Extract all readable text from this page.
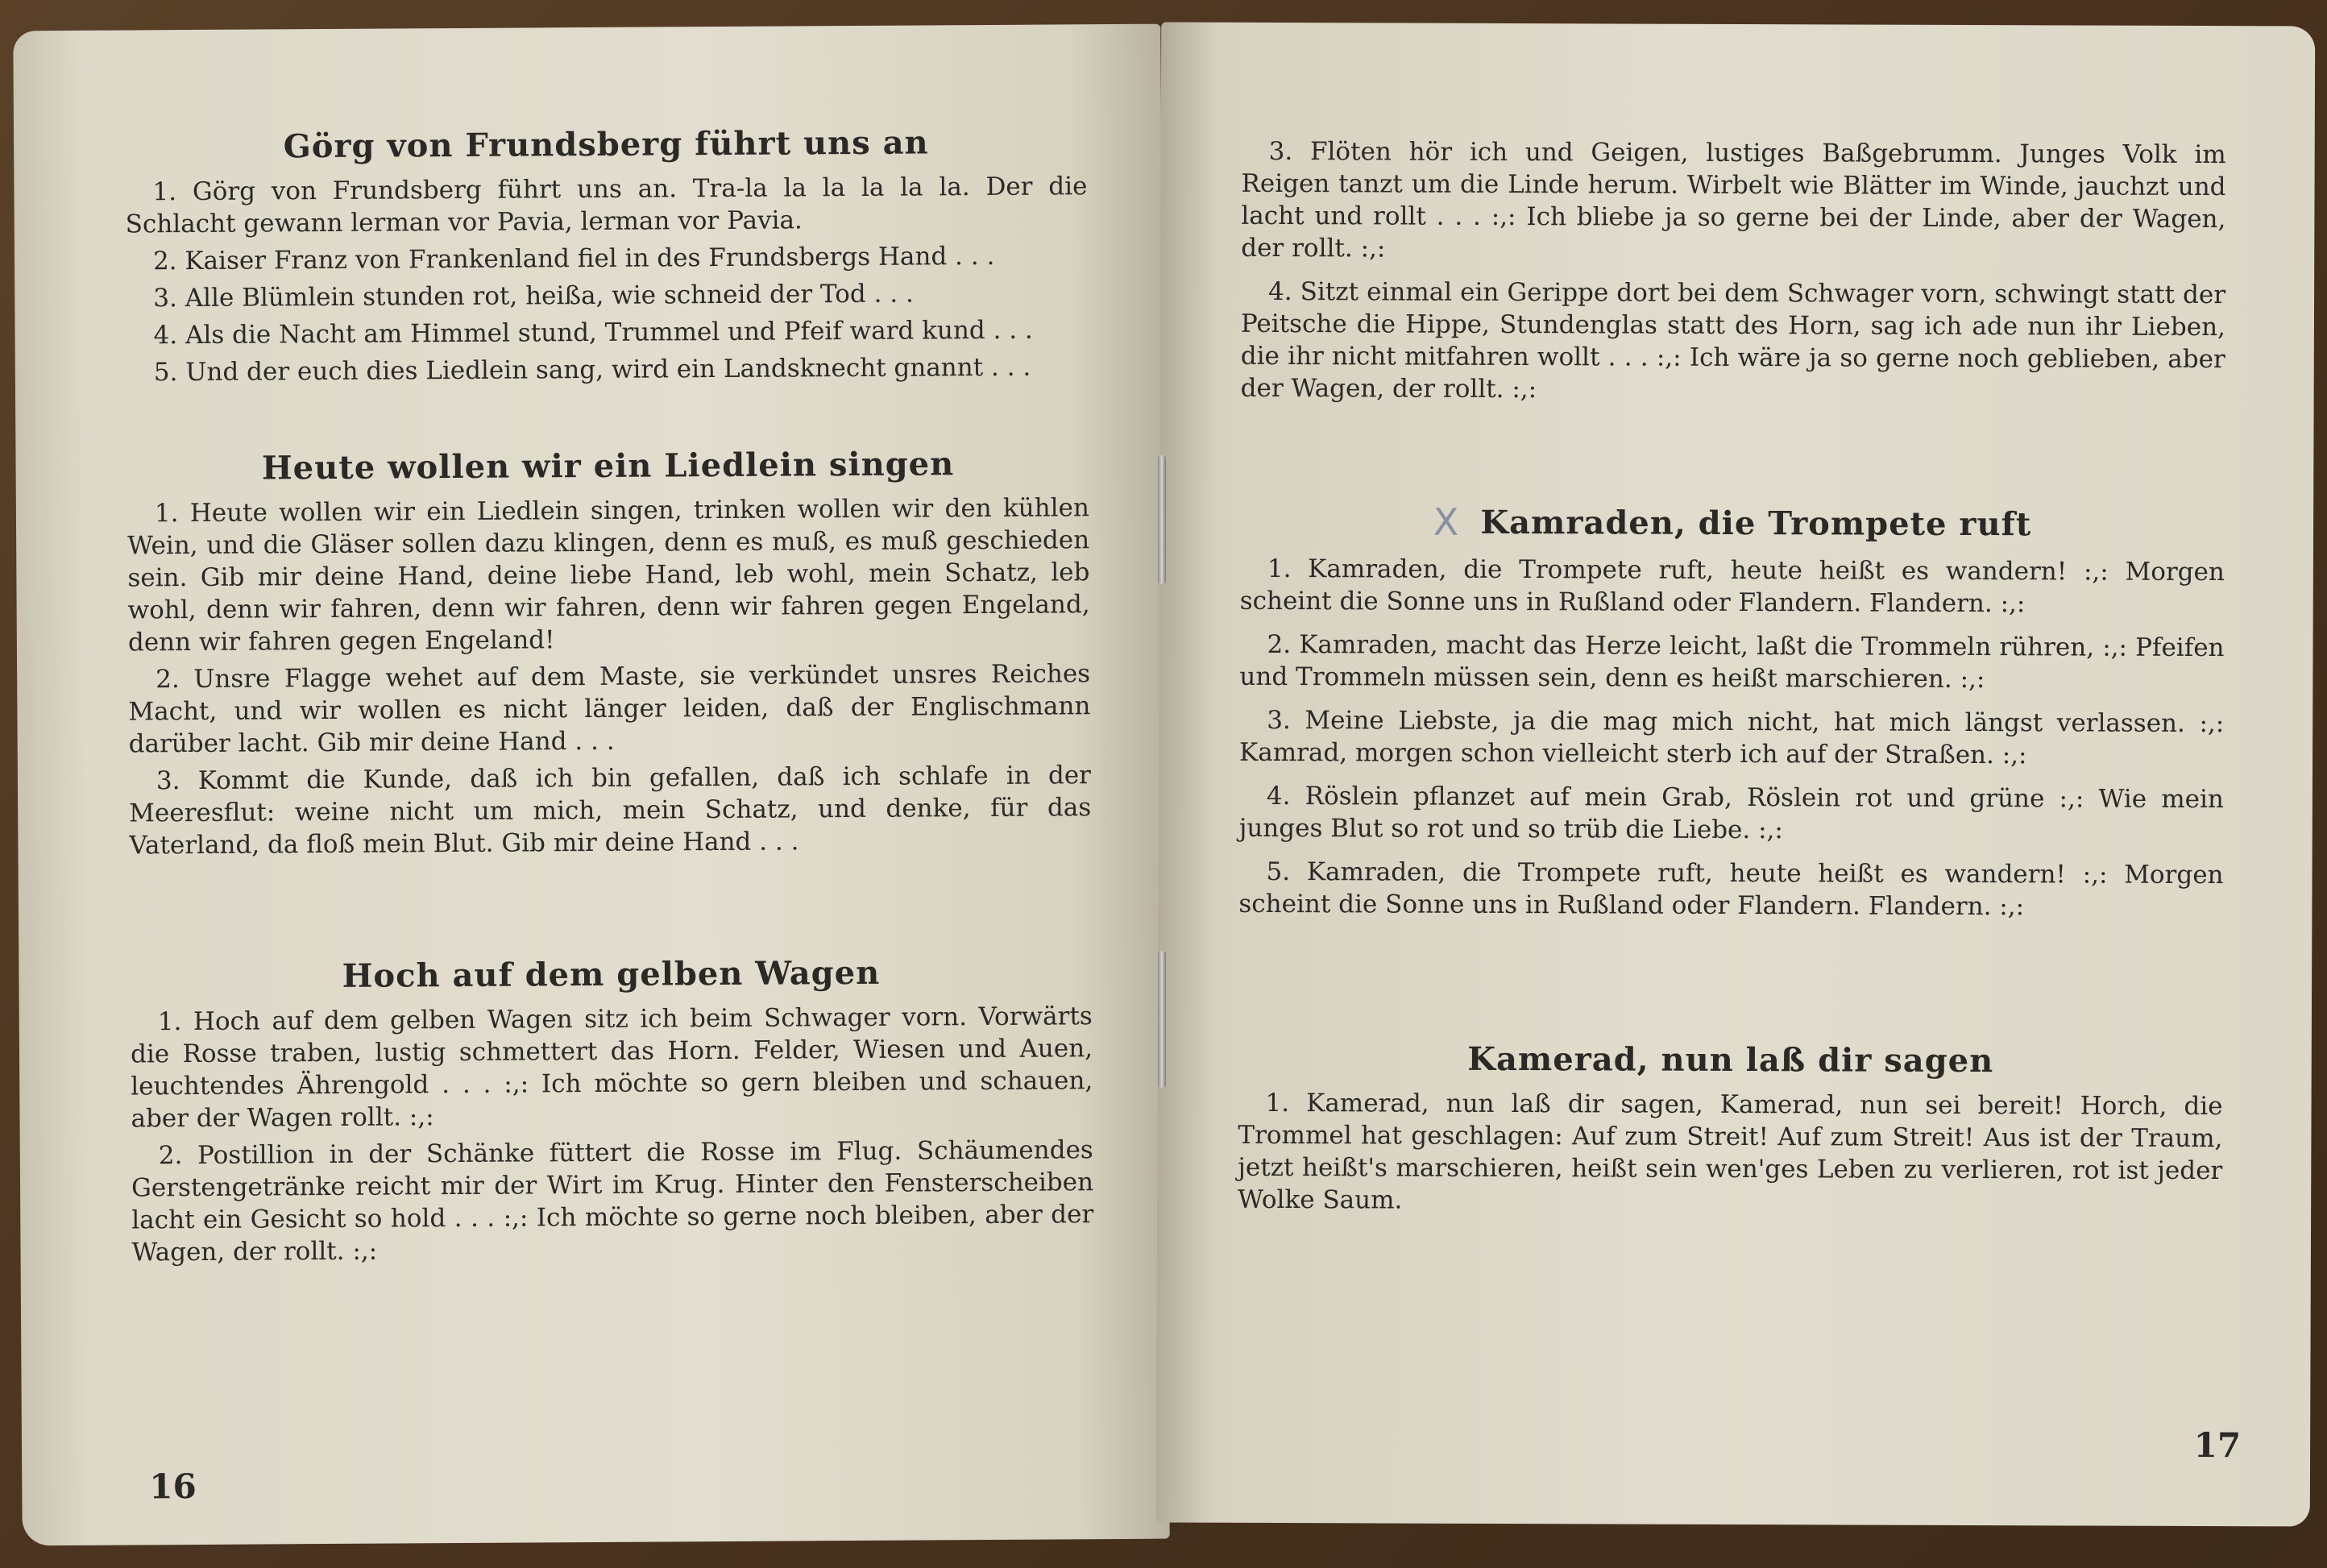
Görg von Frundsberg führt uns an

1. Görg von Frundsberg führt uns an. Tra-la la la la la la. Der die Schlacht gewann lerman vor Pavia, lerman vor Pavia.

2. Kaiser Franz von Frankenland fiel in des Frundsbergs Hand . . .

3. Alle Blümlein stunden rot, heißa, wie schneid der Tod . . .

4. Als die Nacht am Himmel stund, Trummel und Pfeif ward kund . . .

5. Und der euch dies Liedlein sang, wird ein Landsknecht gnannt . . .

Heute wollen wir ein Liedlein singen

1. Heute wollen wir ein Liedlein singen, trinken wollen wir den kühlen Wein, und die Gläser sollen dazu klingen, denn es muß, es muß geschieden sein. Gib mir deine Hand, deine liebe Hand, leb wohl, mein Schatz, leb wohl, denn wir fahren, denn wir fahren, denn wir fahren gegen Engeland, denn wir fahren gegen Engeland!

2. Unsre Flagge wehet auf dem Maste, sie verkündet unsres Reiches Macht, und wir wollen es nicht länger leiden, daß der Englischmann darüber lacht. Gib mir deine Hand . . .

3. Kommt die Kunde, daß ich bin gefallen, daß ich schlafe in der Meeresflut: weine nicht um mich, mein Schatz, und denke, für das Vaterland, da floß mein Blut. Gib mir deine Hand . . .

Hoch auf dem gelben Wagen

1. Hoch auf dem gelben Wagen sitz ich beim Schwager vorn. Vorwärts die Rosse traben, lustig schmettert das Horn. Felder, Wiesen und Auen, leuchtendes Ährengold . . . :,: Ich möchte so gern bleiben und schauen, aber der Wagen rollt. :,:

2. Postillion in der Schänke füttert die Rosse im Flug. Schäumendes Gerstengetränke reicht mir der Wirt im Krug. Hinter den Fensterscheiben lacht ein Gesicht so hold . . . :,: Ich möchte so gerne noch bleiben, aber der Wagen, der rollt. :,:

16

3. Flöten hör ich und Geigen, lustiges Baßgebrumm. Junges Volk im Reigen tanzt um die Linde herum. Wirbelt wie Blätter im Winde, jauchzt und lacht und rollt . . . :,: Ich bliebe ja so gerne bei der Linde, aber der Wagen, der rollt. :,:

4. Sitzt einmal ein Gerippe dort bei dem Schwager vorn, schwingt statt der Peitsche die Hippe, Stundenglas statt des Horn, sag ich ade nun ihr Lieben, die ihr nicht mitfahren wollt . . . :,: Ich wäre ja so gerne noch geblieben, aber der Wagen, der rollt. :,:

X Kamraden, die Trompete ruft

1. Kamraden, die Trompete ruft, heute heißt es wandern! :,: Morgen scheint die Sonne uns in Rußland oder Flandern. Flandern. :,:

2. Kamraden, macht das Herze leicht, laßt die Trommeln rühren, :,: Pfeifen und Trommeln müssen sein, denn es heißt marschieren. :,:

3. Meine Liebste, ja die mag mich nicht, hat mich längst verlassen. :,: Kamrad, morgen schon vielleicht sterb ich auf der Straßen. :,:

4. Röslein pflanzet auf mein Grab, Röslein rot und grüne :,: Wie mein junges Blut so rot und so trüb die Liebe. :,:

5. Kamraden, die Trompete ruft, heute heißt es wandern! :,: Morgen scheint die Sonne uns in Rußland oder Flandern. Flandern. :,:

Kamerad, nun laß dir sagen

1. Kamerad, nun laß dir sagen, Kamerad, nun sei bereit! Horch, die Trommel hat geschlagen: Auf zum Streit! Auf zum Streit! Aus ist der Traum, jetzt heißt's marschieren, heißt sein wen'ges Leben zu verlieren, rot ist jeder Wolke Saum.

17
